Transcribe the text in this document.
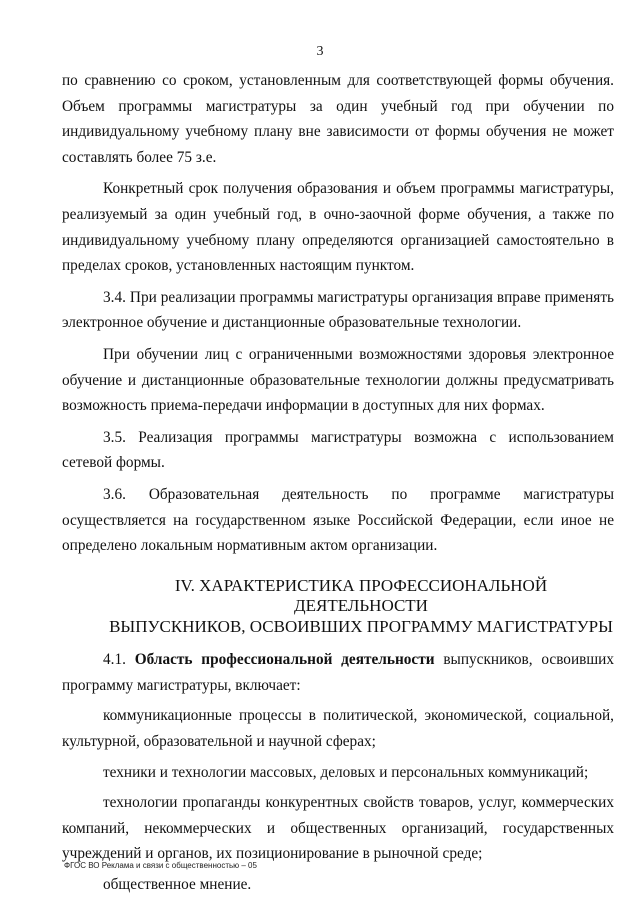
3

по сравнению со сроком, установленным для соответствующей формы обучения. Объем программы магистратуры за один учебный год при обучении по индивидуальному учебному плану вне зависимости от формы обучения не может составлять более 75 з.е.

Конкретный срок получения образования и объем программы магистратуры, реализуемый за один учебный год, в очно-заочной форме обучения, а также по индивидуальному учебному плану определяются организацией самостоятельно в пределах сроков, установленных настоящим пунктом.

3.4. При реализации программы магистратуры организация вправе применять электронное обучение и дистанционные образовательные технологии.

При обучении лиц с ограниченными возможностями здоровья электронное обучение и дистанционные образовательные технологии должны предусматривать возможность приема-передачи информации в доступных для них формах.

3.5. Реализация программы магистратуры возможна с использованием сетевой формы.

3.6. Образовательная деятельность по программе магистратуры осуществляется на государственном языке Российской Федерации, если иное не определено локальным нормативным актом организации.

IV. ХАРАКТЕРИСТИКА ПРОФЕССИОНАЛЬНОЙ ДЕЯТЕЛЬНОСТИ
ВЫПУСКНИКОВ, ОСВОИВШИХ ПРОГРАММУ МАГИСТРАТУРЫ

4.1. Область профессиональной деятельности выпускников, освоивших программу магистратуры, включает:

коммуникационные процессы в политической, экономической, социальной, культурной, образовательной и научной сферах;

техники и технологии массовых, деловых и персональных коммуникаций;

технологии пропаганды конкурентных свойств товаров, услуг, коммерческих компаний, некоммерческих и общественных организаций, государственных учреждений и органов, их позиционирование в рыночной среде;

общественное мнение.

ФГОС ВО Реклама и связи с общественностью – 05
